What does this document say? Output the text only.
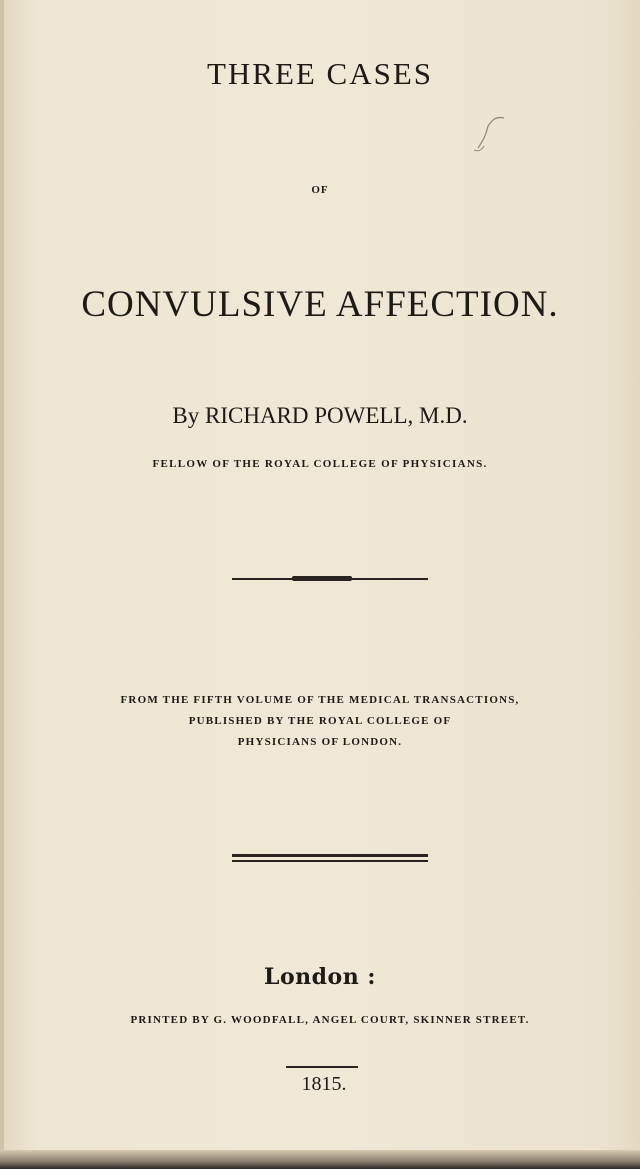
THREE CASES
OF
CONVULSIVE AFFECTION.
By RICHARD POWELL, M.D.
FELLOW OF THE ROYAL COLLEGE OF PHYSICIANS.
FROM THE FIFTH VOLUME OF THE MEDICAL TRANSACTIONS,
PUBLISHED BY THE ROYAL COLLEGE OF
PHYSICIANS OF LONDON.
London :
PRINTED BY G. WOODFALL, ANGEL COURT, SKINNER STREET.
1815.
